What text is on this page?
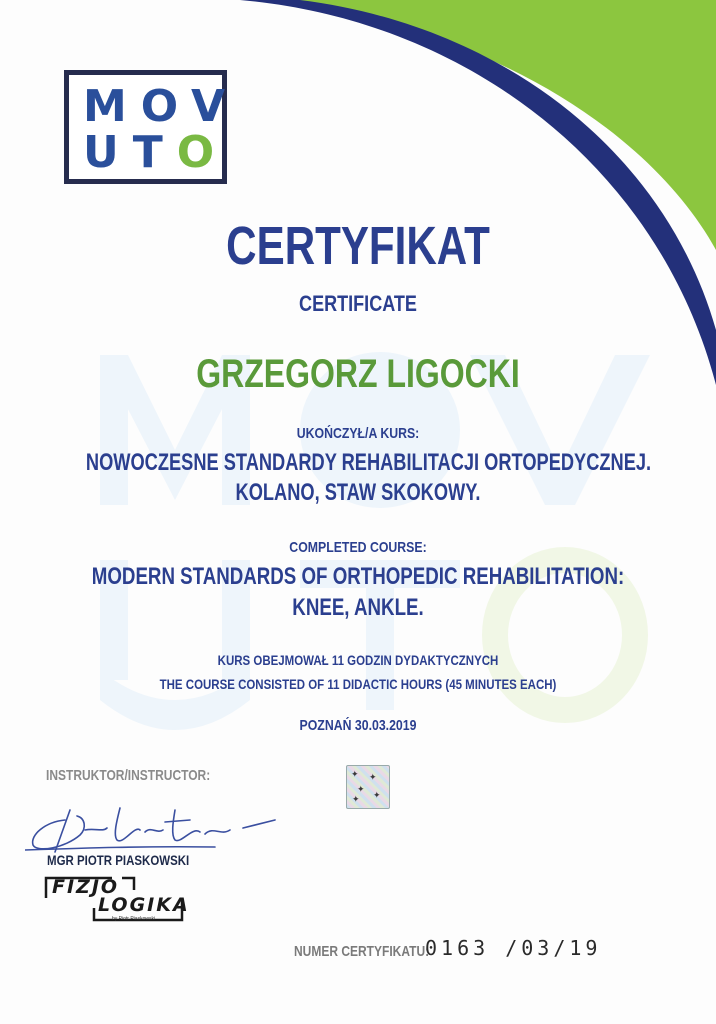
MOV
UTO
CERTYFIKAT
CERTIFICATE
GRZEGORZ LIGOCKI
UKOŃCZYŁ/A KURS:
NOWOCZESNE STANDARDY REHABILITACJI ORTOPEDYCZNEJ.
KOLANO, STAW SKOKOWY.
COMPLETED COURSE:
MODERN STANDARDS OF ORTHOPEDIC REHABILITATION:
KNEE, ANKLE.
KURS OBEJMOWAŁ 11 GODZIN DYDAKTYCZNYCH
THE COURSE CONSISTED OF 11 DIDACTIC HOURS (45 MINUTES EACH)
POZNAŃ 30.03.2019
✦ ✦
✦
✦
✦
INSTRUKTOR/INSTRUCTOR:
MGR PIOTR PIASKOWSKI
FIZJO
LOGIKA
by Piotr Piaskowski
NUMER CERTYFIKATU:
0163 /03/19
